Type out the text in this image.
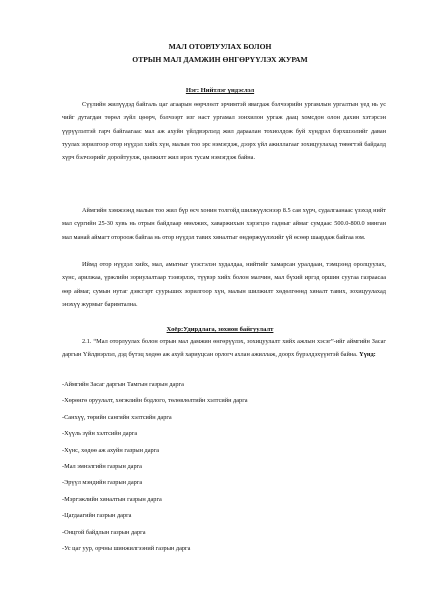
МАЛ ОТОРЛУУЛАХ БОЛОН
ОТРЫН МАЛ ДАМЖИН ӨНГӨРҮҮЛЭХ ЖУРАМ
Нэг: Нийтлэг үндэслэл
Сүүлийн жилүүдэд байгаль цаг агаарын өөрчлөлт эрчимтэй явагдаж бэлчээрийн ургамлын ургалтын үед нь ус чийг дутагдан төрөл зүйл цөөрч, бэлчээрт изг наст ургамал зонхилон ургаж даац хомсдон олон дахин хэтэрсэн үүрүүлэлтэй гарч байгаагаас мал аж ахуйн үйлдвэрлэлд жил дараалан тохиолдож буй хүндрэл бэрхшээлийг даван туулах зорилгоор отор нүүдэл хийх хүн, малын тоо эрс нэмэгдэж, дээрх үйл ажиллагааг зохицуулахад төвөгтэй байдалд хүрч бэлчээрийг доройтуулж, цөлжилт жил ирэх тусам нэмэгдэж байна.
Аймгийн хэмжээнд малын тоо жил бүр өсч хонин толгойд шилжүүлснээр 8.5 сая хүрч, судалгаанаас үзэхэд нийт мал сүргийн 25-30 хувь нь отрын байдлаар өвөлжих, хаваржихын хэрэгцээ гадныг аймаг сумдаас 500.0-800.0 мянган мал манай аймагт отороож байгаа нь отор нүүдэл тавих хяналтыг өндөржүүлэхийг үй өсөөр шаардаж байгаа юм.
Иймд отор нүүдэл хийх, мал, амьтныг үзэсгэлэн худалдаа, нийтийг хамарсан уралдаан, тэмцээнд оролцуулах, хүнс, арилжаа, үржлийн зориулалтаар тээвэрлэх, түүвэр хийх болон малчин, мал бүхий иргэд оршин суугаа газраасаа өөр аймаг, сумын нутаг дэвсгэрт суурьших зорилгоор хүн, малын шилжилт хөдөлгөөнд хяналт тавих, зохицуулахад энэхүү журмыг баримтална.
Хоёр:Удирдлага, зохион байгуулалт
2.1. “Мал оторлуулах болон отрын мал дамжин өнгөрүүлэх, зохицуулалт хийх ажлын хэсэг”-ийг аймгийн Засаг даргын Үйлдвэрлэл, дэд бүтэц хөдөө аж ахуй хариуцсан орлогч ахлан ажиллаж, доорх бүрэлдэхүүнтэй байна. Үүнд:
-Аймгийн Засаг даргын Тамгын газрын дарга
-Хөрөнгө оруулалт, хөгжлийн бодлого, төлөвлөлтийн хэлтсийн дарга
-Санхүү, төрийн сангийн хэлтсийн дарга
-Хүүль зүйн хэлтсийн дарга
-Хүнс, хөдөө аж ахуйн газрын дарга
-Мал эмнэлгийн газрын дарга
-Эрүүл мэндийн газрын дарга
-Мэргэжлийн хяналтын газрын дарга
-Цагдаагийн газрын дарга
-Онцгой байдлын газрын дарга
-Ус цаг уур, орчны шинжилгээний газрын дарга
